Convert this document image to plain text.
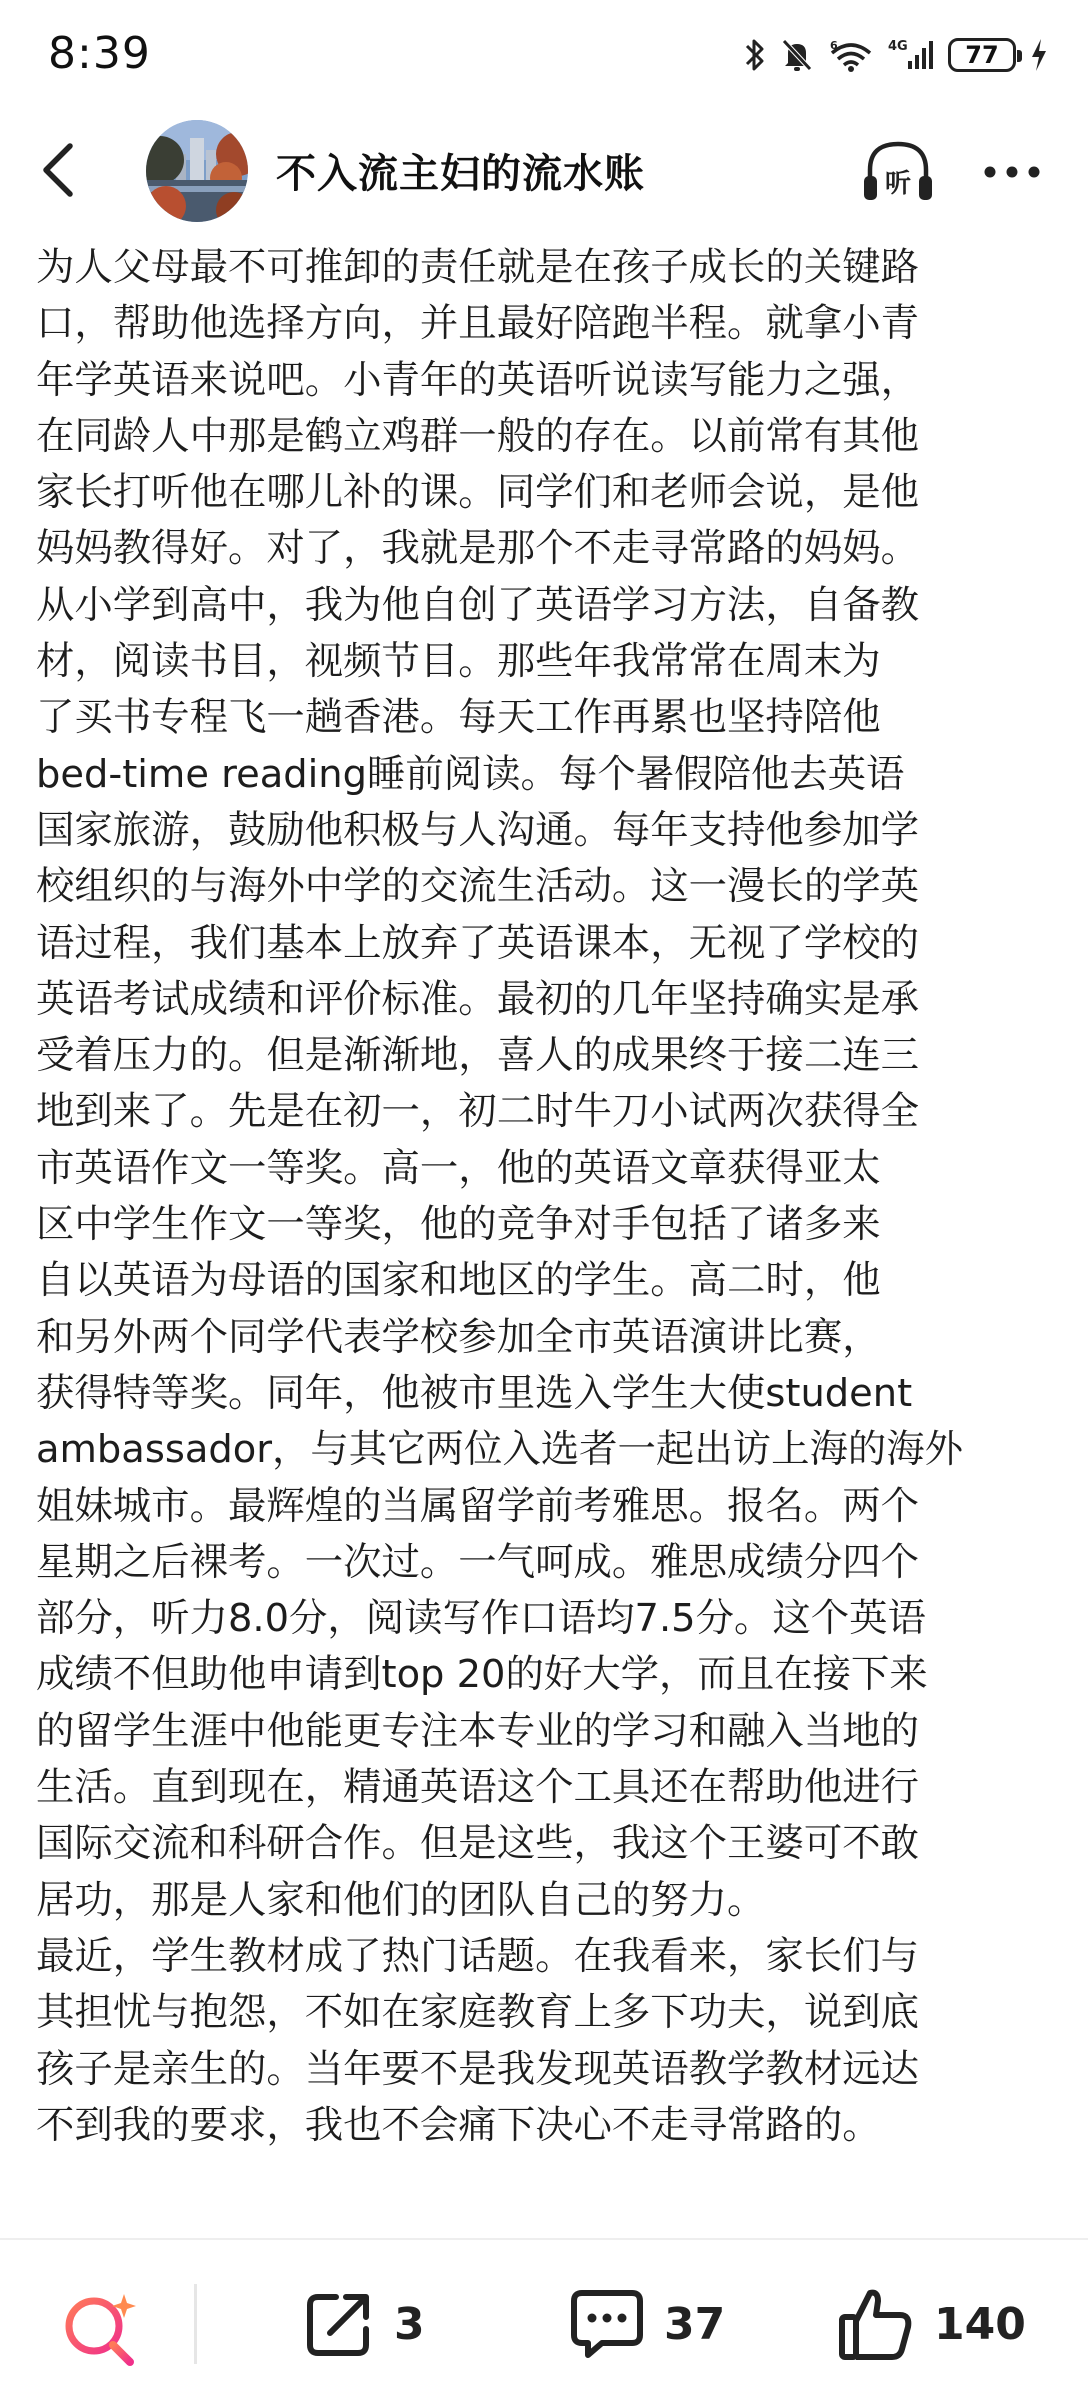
8:39	6	4G 77
不入流主妇的流水账	听
为人父母最不可推卸的责任就是在孩子成长的关键路
口，帮助他选择方向，并且最好陪跑半程。就拿小青
年学英语来说吧。小青年的英语听说读写能力之强，
在同龄人中那是鹤立鸡群一般的存在。以前常有其他
家长打听他在哪儿补的课。同学们和老师会说，是他
妈妈教得好。对了，我就是那个不走寻常路的妈妈。
从小学到高中，我为他自创了英语学习方法，自备教
材，阅读书目，视频节目。那些年我常常在周末为
了买书专程飞一趟香港。每天工作再累也坚持陪他
bed-time reading睡前阅读。每个暑假陪他去英语
国家旅游，鼓励他积极与人沟通。每年支持他参加学
校组织的与海外中学的交流生活动。这一漫长的学英
语过程，我们基本上放弃了英语课本，无视了学校的
英语考试成绩和评价标准。最初的几年坚持确实是承
受着压力的。但是渐渐地，喜人的成果终于接二连三
地到来了。先是在初一，初二时牛刀小试两次获得全
市英语作文一等奖。高一，他的英语文章获得亚太
区中学生作文一等奖，他的竞争对手包括了诸多来
自以英语为母语的国家和地区的学生。高二时，他
和另外两个同学代表学校参加全市英语演讲比赛，
获得特等奖。同年，他被市里选入学生大使student
ambassador，与其它两位入选者一起出访上海的海外
姐妹城市。最辉煌的当属留学前考雅思。报名。两个
星期之后裸考。一次过。一气呵成。雅思成绩分四个
部分，听力8.0分，阅读写作口语均7.5分。这个英语
成绩不但助他申请到top 20的好大学，而且在接下来
的留学生涯中他能更专注本专业的学习和融入当地的
生活。直到现在，精通英语这个工具还在帮助他进行
国际交流和科研合作。但是这些，我这个王婆可不敢
居功，那是人家和他们的团队自己的努力。
最近，学生教材成了热门话题。在我看来，家长们与
其担忧与抱怨，不如在家庭教育上多下功夫，说到底
孩子是亲生的。当年要不是我发现英语教学教材远达
不到我的要求，我也不会痛下决心不走寻常路的。
3	37	140
